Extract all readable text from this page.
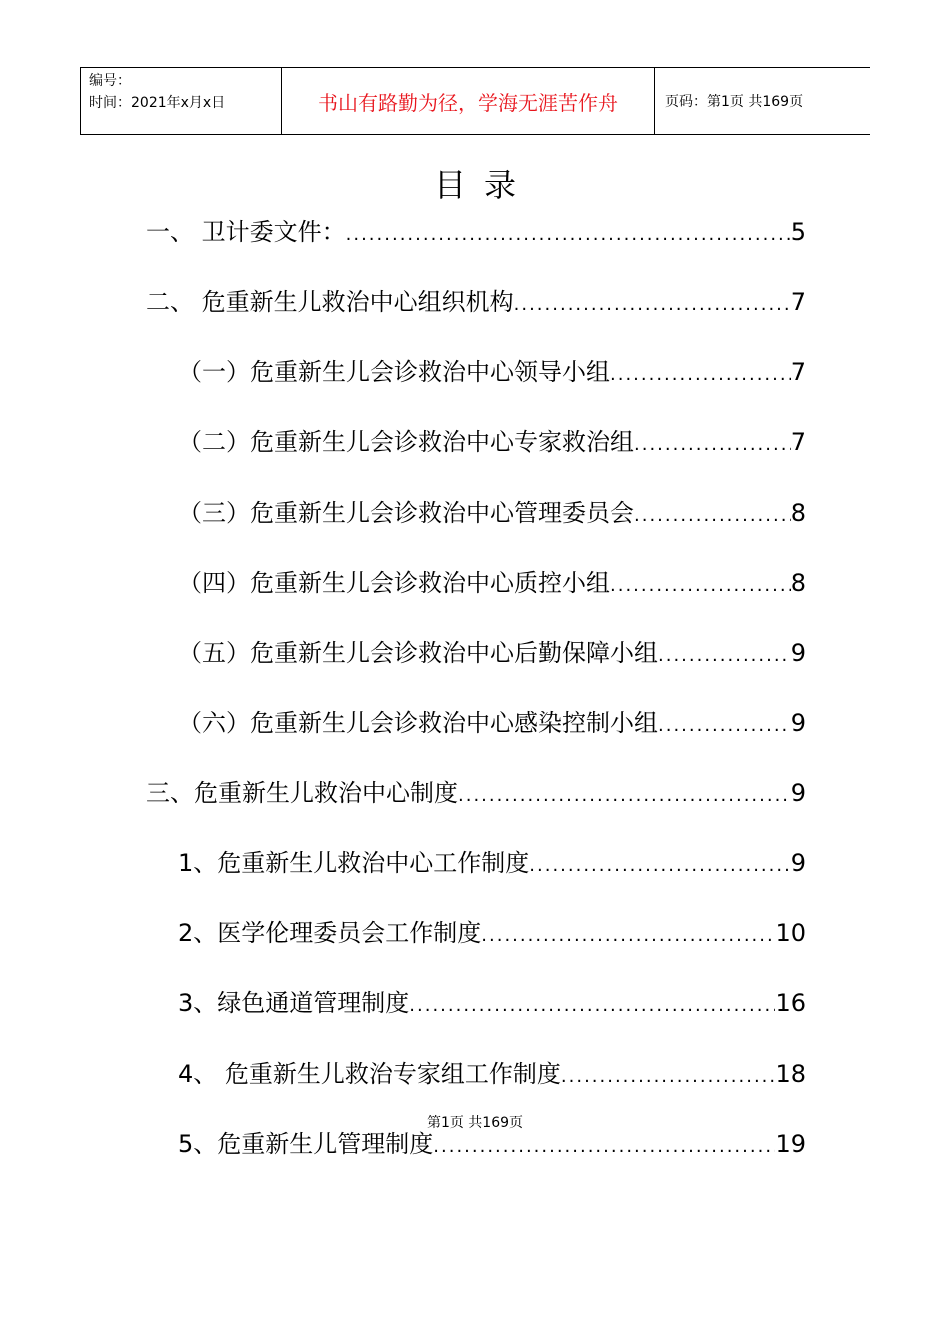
编号：
时间：2021年x月x日	书山有路勤为径，学海无涯苦作舟	页码：第1页 共169页
目录
一、 卫计委文件： .....	5
二、 危重新生儿救治中心组织机构 .....	7
（一）危重新生儿会诊救治中心领导小组 .....	7
（二）危重新生儿会诊救治中心专家救治组 .....	7
（三）危重新生儿会诊救治中心管理委员会 .....	8
（四）危重新生儿会诊救治中心质控小组 .....	8
（五）危重新生儿会诊救治中心后勤保障小组 .....	9
（六）危重新生儿会诊救治中心感染控制小组 .....	9
三、危重新生儿救治中心制度 .....	9
1、危重新生儿救治中心工作制度 .....	9
2、医学伦理委员会工作制度 .....	10
3、绿色通道管理制度 .....	16
4、 危重新生儿救治专家组工作制度 .....	18
5、危重新生儿管理制度 .....	19
第1页 共169页
